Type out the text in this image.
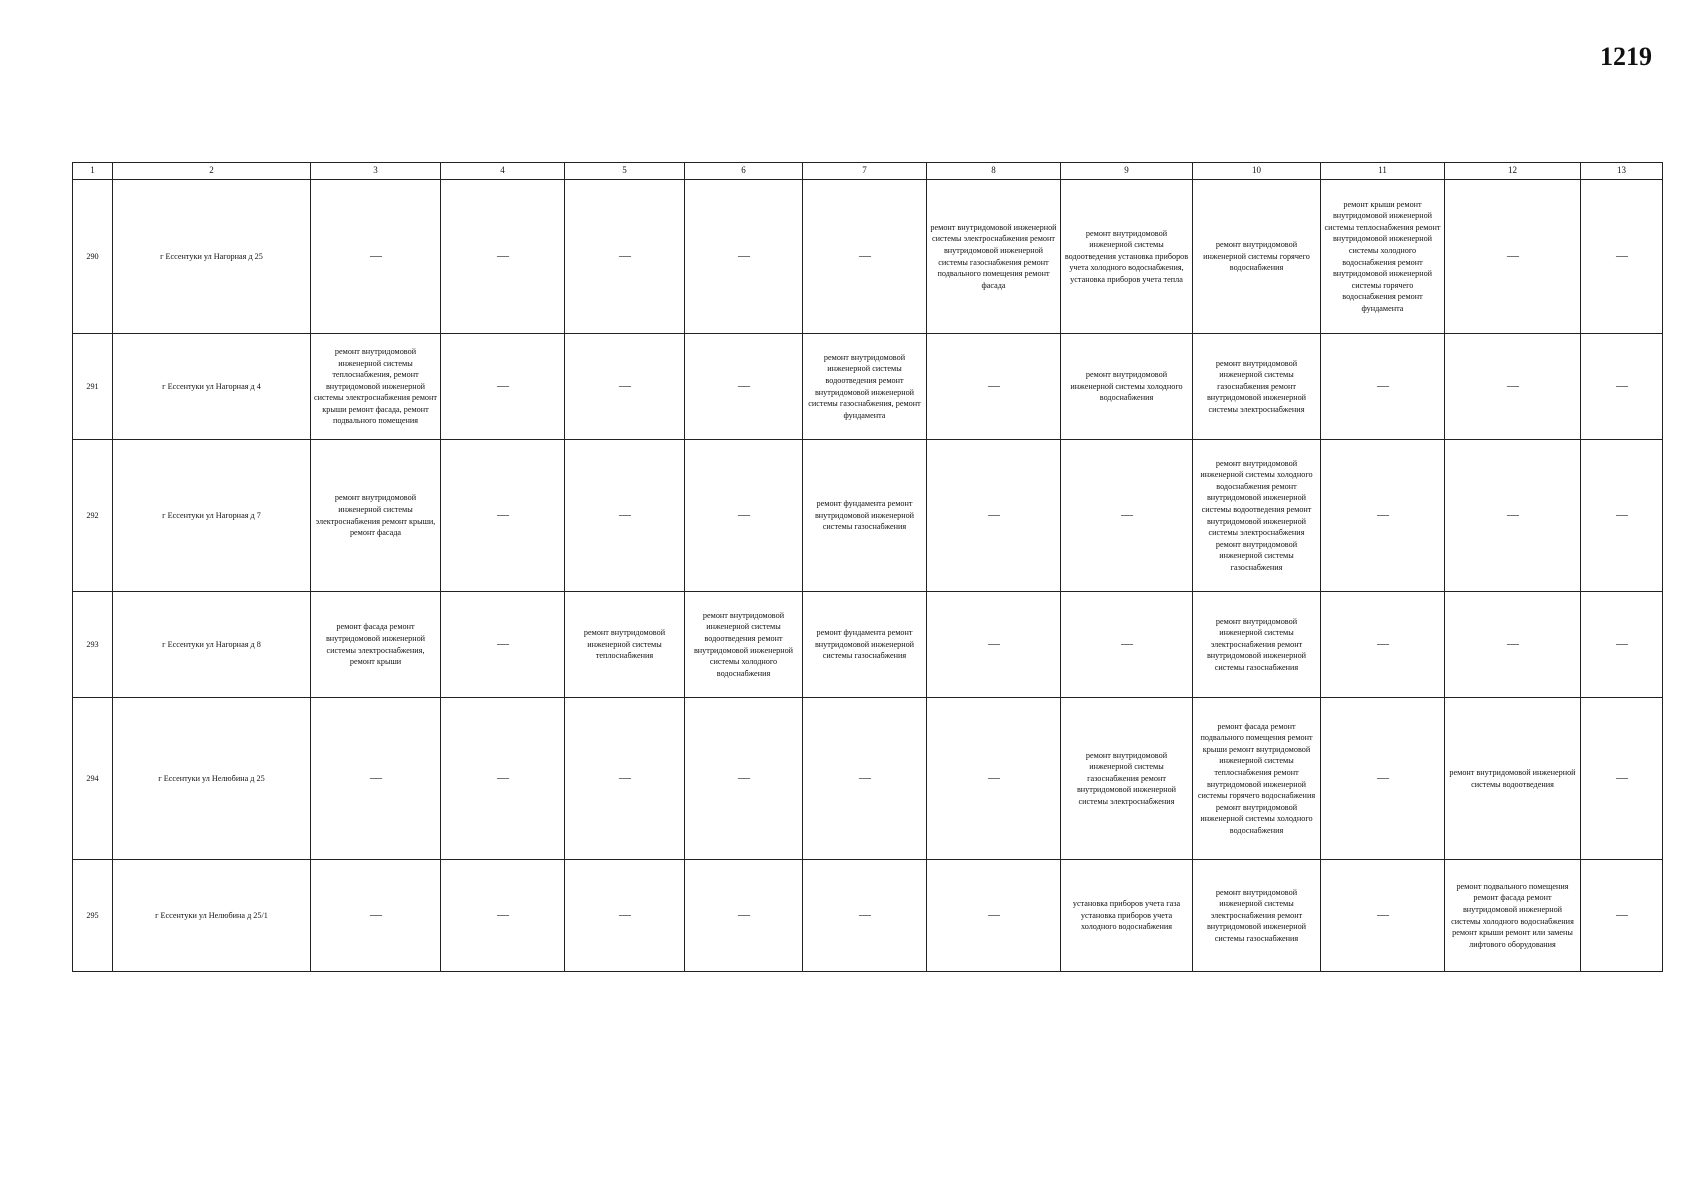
1219
1	2	3	4	5	6	7	8	9	10	11	12	13
290	г Ессентуки ул Нагорная д 25	—	—	—	—	—	ремонт внутридомовой инженерной системы электроснабжения ремонт внутридомовой инженерной системы газоснабжения ремонт подвального помещения ремонт фасада	ремонт внутридомовой инженерной системы водоотведения установка приборов учета холодного водоснабжения, установка приборов учета тепла	ремонт внутридомовой инженерной системы горячего водоснабжения	ремонт крыши ремонт внутридомовой инженерной системы теплоснабжения ремонт внутридомовой инженерной системы холодного водоснабжения ремонт внутридомовой инженерной системы горячего водоснабжения ремонт фундамента	—	—
291	г Ессентуки ул Нагорная д 4	ремонт внутридомовой инженерной системы теплоснабжения, ремонт внутридомовой инженерной системы электроснабжения ремонт крыши ремонт фасада, ремонт подвального помещения	—	—	—	ремонт внутридомовой инженерной системы водоотведения ремонт внутридомовой инженерной системы газоснабжения, ремонт фундамента	—	ремонт внутридомовой инженерной системы холодного водоснабжения	ремонт внутридомовой инженерной системы газоснабжения ремонт внутридомовой инженерной системы электроснабжения	—	—	—
292	г Ессентуки ул Нагорная д 7	ремонт внутридомовой инженерной системы электроснабжения ремонт крыши, ремонт фасада	—	—	—	ремонт фундамента ремонт внутридомовой инженерной системы газоснабжения	—	—	ремонт внутридомовой инженерной системы холодного водоснабжения ремонт внутридомовой инженерной системы водоотведения ремонт внутридомовой инженерной системы электроснабжения ремонт внутридомовой инженерной системы газоснабжения	—	—	—
293	г Ессентуки ул Нагорная д 8	ремонт фасада ремонт внутридомовой инженерной системы электроснабжения, ремонт крыши	—	ремонт внутридомовой инженерной системы теплоснабжения	ремонт внутридомовой инженерной системы водоотведения ремонт внутридомовой инженерной системы холодного водоснабжения	ремонт фундамента ремонт внутридомовой инженерной системы газоснабжения	—	—	ремонт внутридомовой инженерной системы электроснабжения ремонт внутридомовой инженерной системы газоснабжения	—	—	—
294	г Ессентуки ул Нелюбина д 25	—	—	—	—	—	—	ремонт внутридомовой инженерной системы газоснабжения ремонт внутридомовой инженерной системы электроснабжения	ремонт фасада ремонт подвального помещения ремонт крыши ремонт внутридомовой инженерной системы теплоснабжения ремонт внутридомовой инженерной системы горячего водоснабжения ремонт внутридомовой инженерной системы холодного водоснабжения	—	ремонт внутридомовой инженерной системы водоотведения	—
295	г Ессентуки ул Нелюбина д 25/1	—	—	—	—	—	—	установка приборов учета газа установка приборов учета холодного водоснабжения	ремонт внутридомовой инженерной системы электроснабжения ремонт внутридомовой инженерной системы газоснабжения	—	ремонт подвального помещения ремонт фасада ремонт внутридомовой инженерной системы холодного водоснабжения ремонт крыши ремонт или замены лифтового оборудования	—
